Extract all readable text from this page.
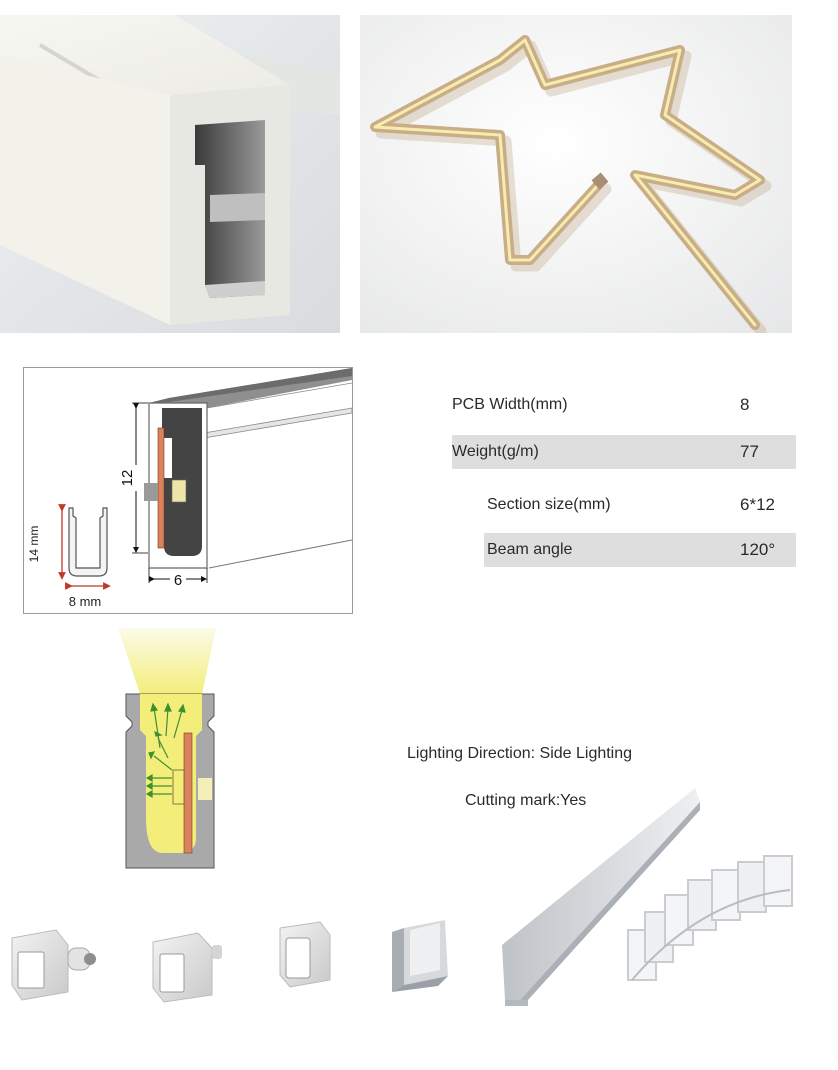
12
6
14 mm
8 mm
PCB Width(mm)	8
Weight(g/m)	77
Section size(mm)	6*12
Beam angle	120°
Lighting Direction: Side Lighting
Cutting mark:Yes
